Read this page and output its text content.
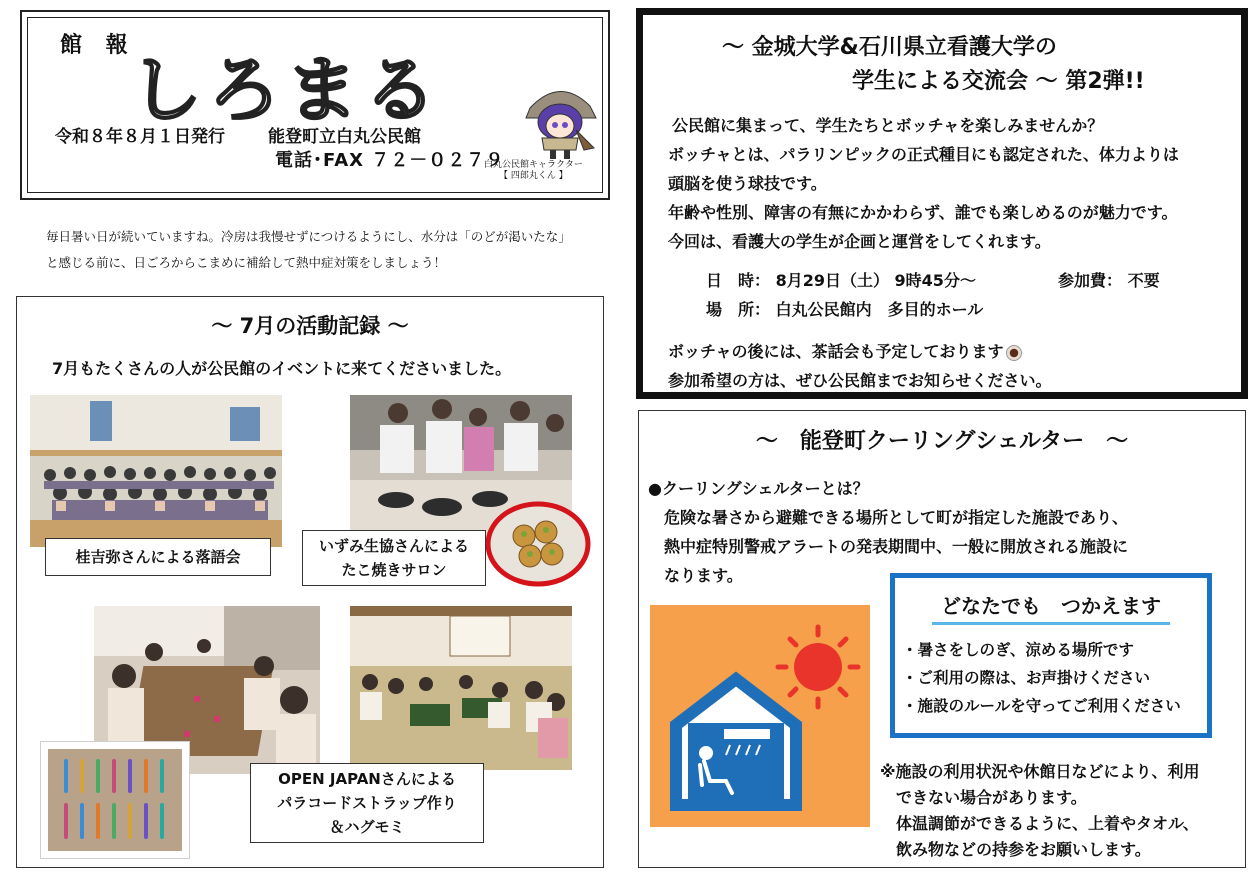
館 報
しろまる
令和８年８月１日発行	能登町立白丸公民館
電話･FAX ７２－０２７９
白丸公民館キャラクター
【 四郎丸くん 】
毎日暑い日が続いていますね。冷房は我慢せずにつけるようにし、水分は「のどが渇いたな」
と感じる前に、日ごろからこまめに補給して熱中症対策をしましょう！
～ 7月の活動記録 ～
7月もたくさんの人が公民館のイベントに来てくださいました。
桂吉弥さんによる落語会
いずみ生協さんによる
たこ焼きサロン
OPEN JAPANさんによる
パラコードストラップ作り
＆ハグモミ
～ 金城大学&石川県立看護大学の
学生による交流会 ～ 第2弾!!
公民館に集まって、学生たちとボッチャを楽しみませんか？
ボッチャとは、パラリンピックの正式種目にも認定された、体力よりは
頭脳を使う球技です。
年齢や性別、障害の有無にかかわらず、誰でも楽しめるのが魅力です。
今回は、看護大の学生が企画と運営をしてくれます。
日　時： 8月29日（土） 9時45分～	参加費： 不要
場　所： 白丸公民館内　多目的ホール
ボッチャの後には、茶話会も予定しております
参加希望の方は、ぜひ公民館までお知らせください。
～　能登町クーリングシェルター　～
●クーリングシェルターとは？
危険な暑さから避難できる場所として町が指定した施設であり、
熱中症特別警戒アラートの発表期間中、一般に開放される施設に
なります。
どなたでも　つかえます
・暑さをしのぎ、涼める場所です
・ご利用の際は、お声掛けください
・施設のルールを守ってご利用ください
※施設の利用状況や休館日などにより、利用
できない場合があります。
体温調節ができるように、上着やタオル、
飲み物などの持参をお願いします。
